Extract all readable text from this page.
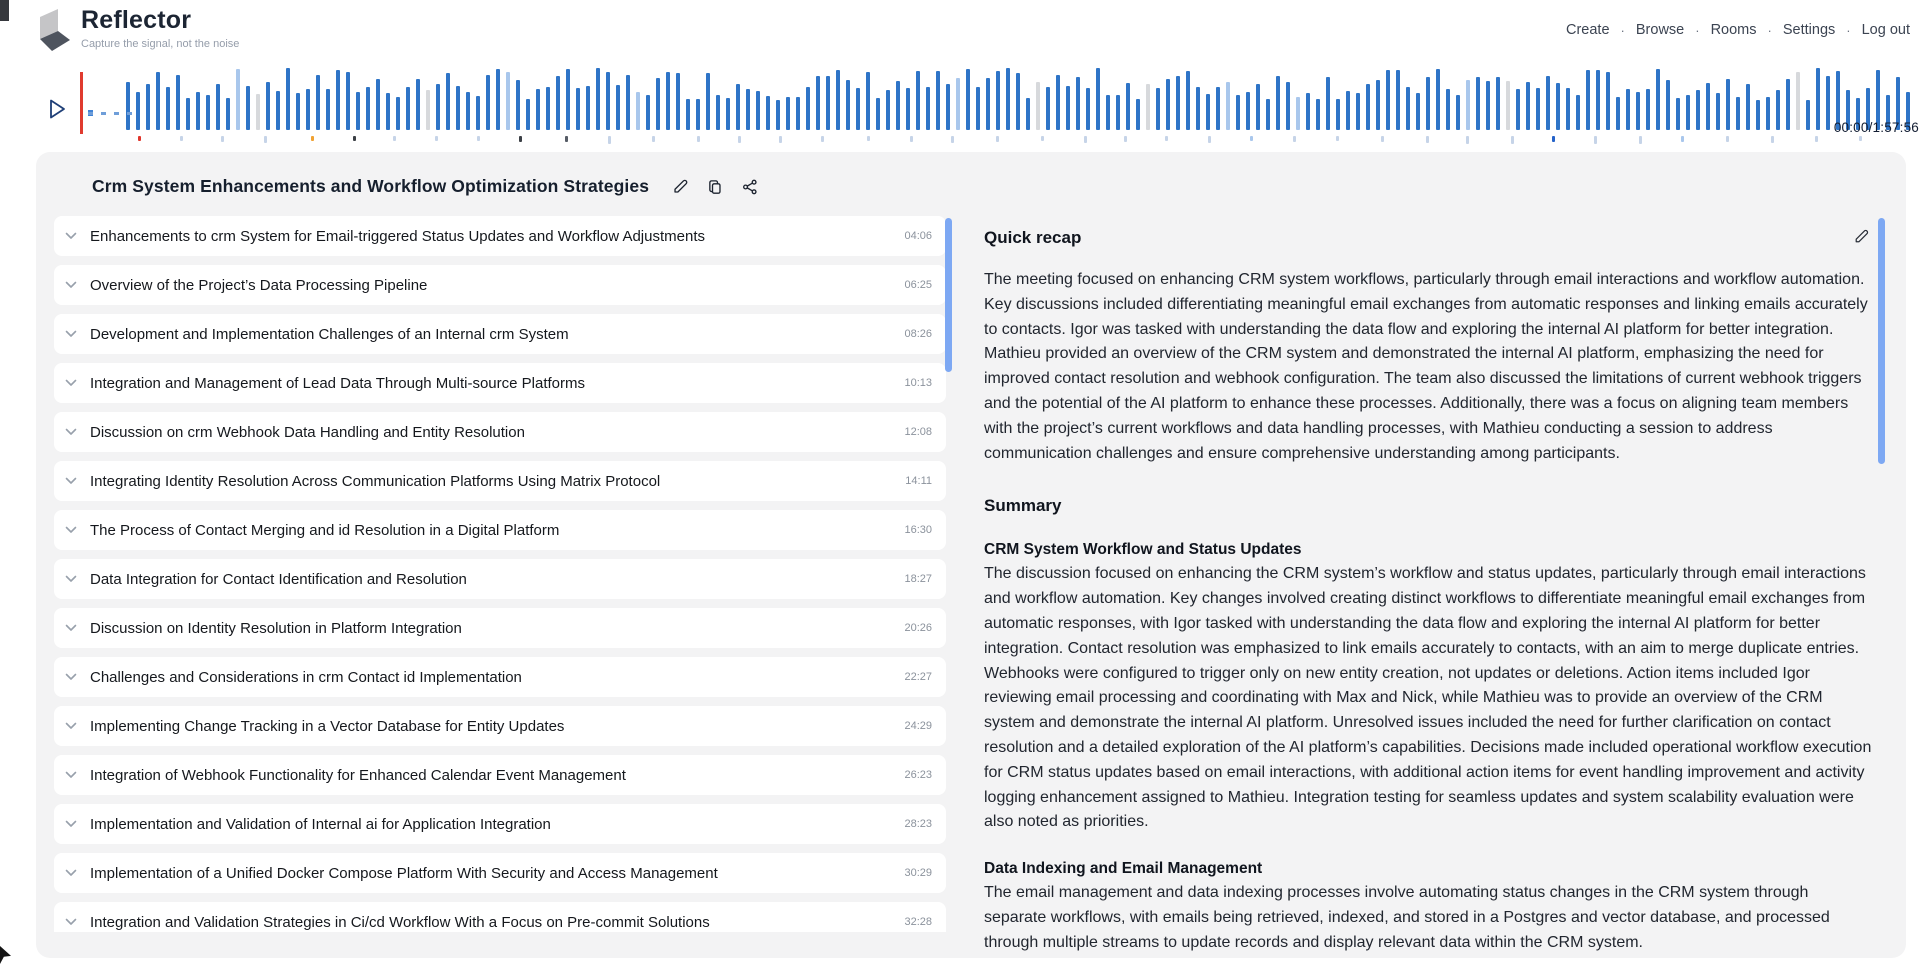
Reflector
Capture the signal, not the noise
Create · Browse · Rooms · Settings · Log out
00:00/1:57:56
Crm System Enhancements and Workflow Optimization Strategies
Enhancements to crm System for Email-triggered Status Updates and Workflow Adjustments	04:06
Overview of the Project’s Data Processing Pipeline	06:25
Development and Implementation Challenges of an Internal crm System	08:26
Integration and Management of Lead Data Through Multi-source Platforms	10:13
Discussion on crm Webhook Data Handling and Entity Resolution	12:08
Integrating Identity Resolution Across Communication Platforms Using Matrix Protocol	14:11
The Process of Contact Merging and id Resolution in a Digital Platform	16:30
Data Integration for Contact Identification and Resolution	18:27
Discussion on Identity Resolution in Platform Integration	20:26
Challenges and Considerations in crm Contact id Implementation	22:27
Implementing Change Tracking in a Vector Database for Entity Updates	24:29
Integration of Webhook Functionality for Enhanced Calendar Event Management	26:23
Implementation and Validation of Internal ai for Application Integration	28:23
Implementation of a Unified Docker Compose Platform With Security and Access Management	30:29
Integration and Validation Strategies in Ci/cd Workflow With a Focus on Pre-commit Solutions	32:28
Quick recap

The meeting focused on enhancing CRM system workflows, particularly through email interactions and workflow automation. Key discussions included differentiating meaningful email exchanges from automatic responses and linking emails accurately to contacts. Igor was tasked with understanding the data flow and exploring the internal AI platform for better integration. Mathieu provided an overview of the CRM system and demonstrated the internal AI platform, emphasizing the need for improved contact resolution and webhook configuration. The team also discussed the limitations of current webhook triggers and the potential of the AI platform to enhance these processes. Additionally, there was a focus on aligning team members with the project’s current workflows and data handling processes, with Mathieu conducting a session to address communication challenges and ensure comprehensive understanding among participants.

Summary
CRM System Workflow and Status Updates

The discussion focused on enhancing the CRM system’s workflow and status updates, particularly through email interactions and workflow automation. Key changes involved creating distinct workflows to differentiate meaningful email exchanges from automatic responses, with Igor tasked with understanding the data flow and exploring the internal AI platform for better integration. Contact resolution was emphasized to link emails accurately to contacts, with an aim to merge duplicate entries. Webhooks were configured to trigger only on new entity creation, not updates or deletions. Action items included Igor reviewing email processing and coordinating with Max and Nick, while Mathieu was to provide an overview of the CRM system and demonstrate the internal AI platform. Unresolved issues included the need for further clarification on contact resolution and a detailed exploration of the AI platform’s capabilities. Decisions made included operational workflow execution for CRM status updates based on email interactions, with additional action items for event handling improvement and activity logging enhancement assigned to Mathieu. Integration testing for seamless updates and system scalability evaluation were also noted as priorities.

Data Indexing and Email Management

The email management and data indexing processes involve automating status changes in the CRM system through separate workflows, with emails being retrieved, indexed, and stored in a Postgres and vector database, and processed through multiple streams to update records and display relevant data within the CRM system.
